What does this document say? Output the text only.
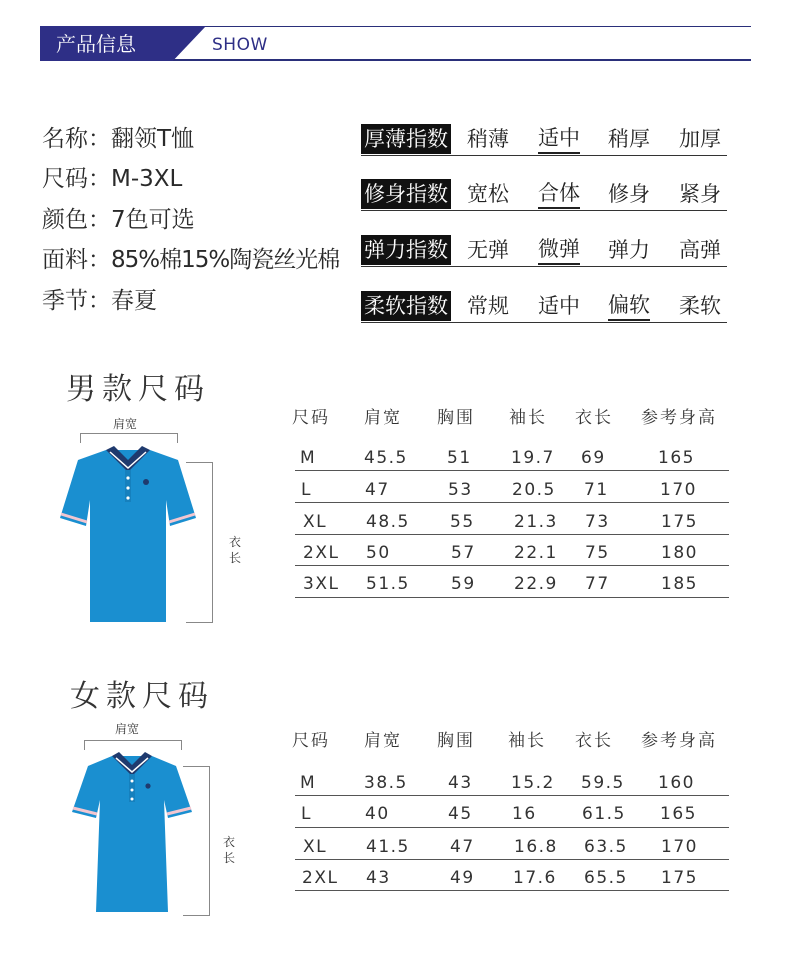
产品信息	SHOW
名称：翻领T恤
尺码：M-3XL
颜色：7色可选
面料：85%棉15%陶瓷丝光棉
季节：春夏
厚薄指数 稍薄 适中 稍厚 加厚
修身指数 宽松 合体 修身 紧身
弹力指数 无弹 微弹 弹力 高弹
柔软指数 常规 适中 偏软 柔软
男款尺码
肩宽
衣长
尺码 肩宽 胸围 袖长 衣长 参考身高
M	45.5 51 19.7 69	165
L	47	53 20.5 71	170
XL 48.5 55 21.3 73	175
2XL 50	57 22.1 75	180
3XL 51.5 59 22.9 77	185
女款尺码
肩宽
衣长
尺码 肩宽 胸围 袖长 衣长 参考身高
M	38.5 43 15.2 59.5 160
L	40	45 16	61.5 165
XL 41.5 47 16.8 63.5 170
2XL 43	49 17.6 65.5 175
